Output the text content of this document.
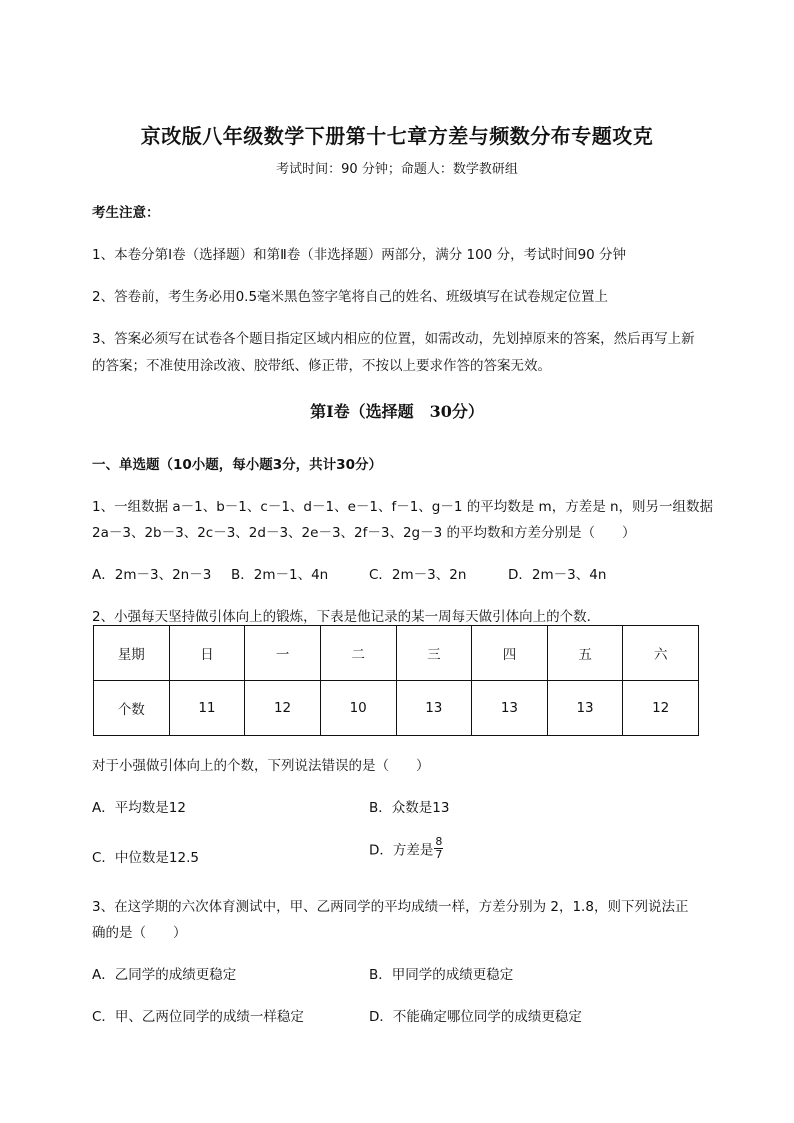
京改版八年级数学下册第十七章方差与频数分布专题攻克
考试时间：90 分钟；命题人：数学教研组
考生注意：
1、本卷分第Ⅰ卷（选择题）和第Ⅱ卷（非选择题）两部分，满分 100 分，考试时间90 分钟
2、答卷前，考生务必用0.5毫米黑色签字笔将自己的姓名、班级填写在试卷规定位置上
3、答案必须写在试卷各个题目指定区域内相应的位置，如需改动，先划掉原来的答案，然后再写上新
的答案；不准使用涂改液、胶带纸、修正带，不按以上要求作答的答案无效。
第Ⅰ卷（选择题　30分）
一、单选题（10小题，每小题3分，共计30分）
1、一组数据 a－1、b－1、c－1、d－1、e－1、f－1、g－1 的平均数是 m，方差是 n，则另一组数据
2a－3、2b－3、2c－3、2d－3、2e－3、2f－3、2g－3 的平均数和方差分别是（　　）
A．2m－3、2n－3 B．2m－1、4n	C．2m－3、2n	D．2m－3、4n
2、小强每天坚持做引体向上的锻炼，下表是他记录的某一周每天做引体向上的个数．
星期	日	一	二	三	四	五	六
个数	11	12	10	13	13	13	12
对于小强做引体向上的个数，下列说法错误的是（　　）
A．平均数是12	B．众数是13
C．中位数是12.5	D．方差是 $\frac{8}{7}$
3、在这学期的六次体育测试中，甲、乙两同学的平均成绩一样，方差分别为 2，1.8，则下列说法正
确的是（　　）
A．乙同学的成绩更稳定	B．甲同学的成绩更稳定
C．甲、乙两位同学的成绩一样稳定	D．不能确定哪位同学的成绩更稳定
